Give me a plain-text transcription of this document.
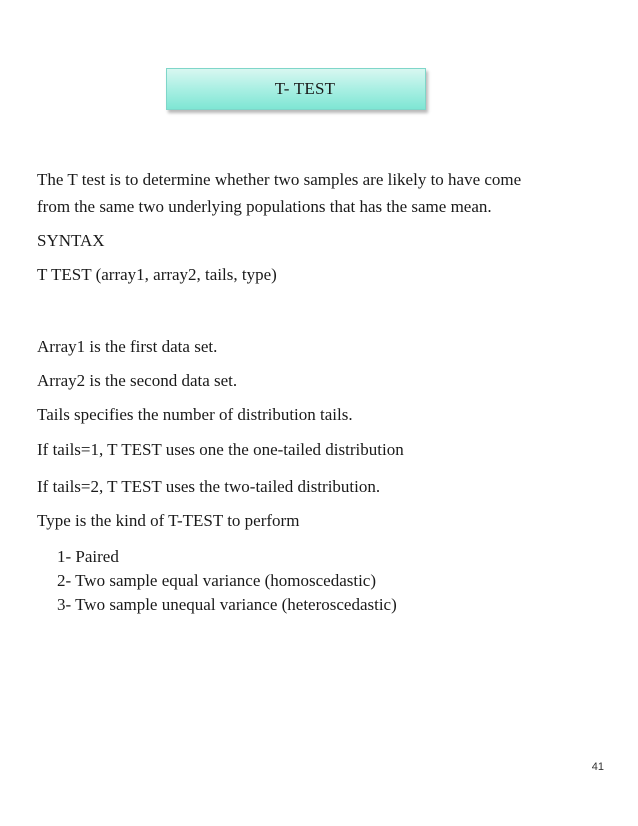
T- TEST
The T test is to determine whether two samples are likely to have come
from the same two underlying populations that has the same mean.
SYNTAX
T TEST (array1, array2, tails, type)
Array1 is the first data set.
Array2 is the second data set.
Tails specifies the number of distribution tails.
If tails=1, T TEST uses one the one-tailed distribution
If tails=2, T TEST uses the two-tailed distribution.
Type is the kind of T-TEST to perform
1- Paired
2- Two sample equal variance (homoscedastic)
3- Two sample unequal variance (heteroscedastic)
41
